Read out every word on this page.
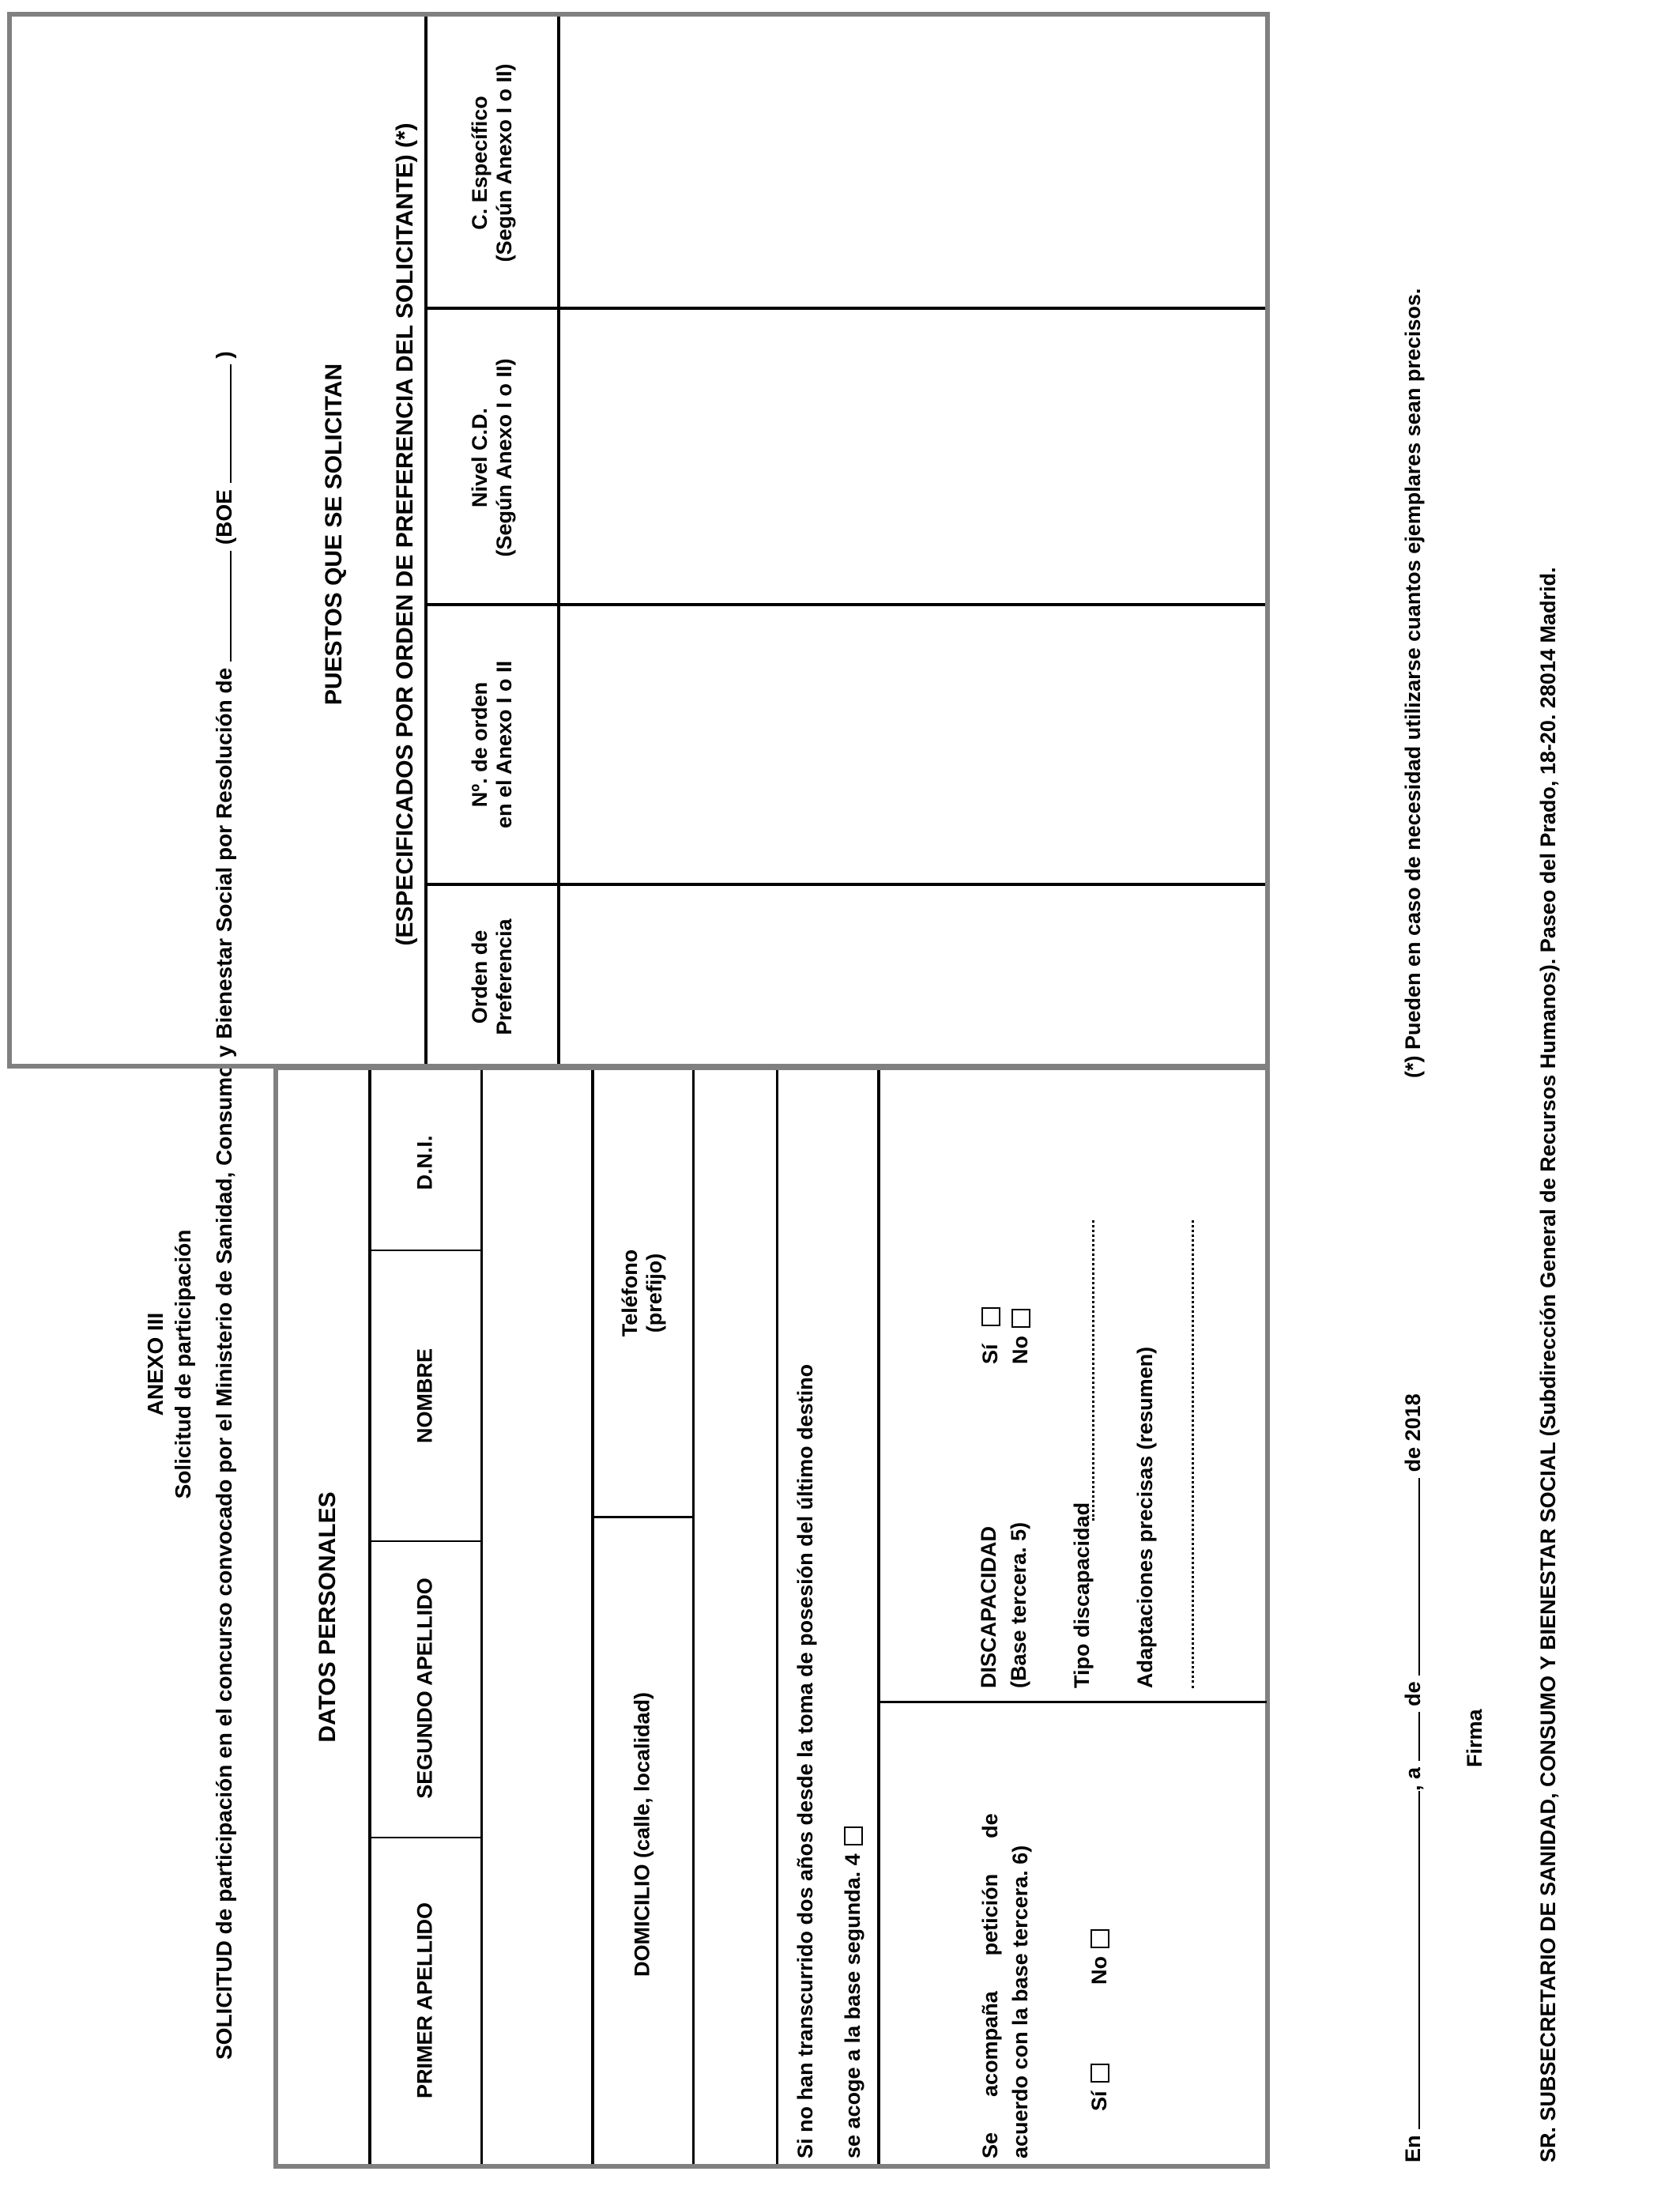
ANEXO III Solicitud de participación SOLICITUD de participación en el concurso convocado por el Ministerio de Sanidad, Consumo y Bienestar Social por Resolución de  (BOE  )
DATOS PERSONALES
PRIMER APELLIDO
SEGUNDO APELLIDO
NOMBRE
D.N.I.
DOMICILIO (calle, localidad)
Teléfono (prefijo)
Si no han transcurrido dos años desde la toma de posesión del último destino se acoge a la base segunda. 4	Se      acompaña      petición      de acuerdo con la base tercera. 6)	Sí
No
DISCAPACIDAD (Base tercera. 5)
Sí No
Tipo discapacidad Adaptaciones precisas (resumen)
PUESTOS QUE SE SOLICITAN (ESPECIFICADOS POR ORDEN DE PREFERENCIA DEL SOLICITANTE) (*)
Orden de Preferencia
Nº. de orden en el Anexo I o II
Nivel C.D. (Según Anexo I o II)
C. Específico (Según Anexo I o II)
En , a  de  de 2018
(*) Pueden en caso de necesidad utilizarse cuantos ejemplares sean precisos.
Firma SR. SUBSECRETARIO DE SANIDAD, CONSUMO Y BIENESTAR SOCIAL (Subdirección General de Recursos Humanos). Paseo del Prado, 18-20. 28014 Madrid.
